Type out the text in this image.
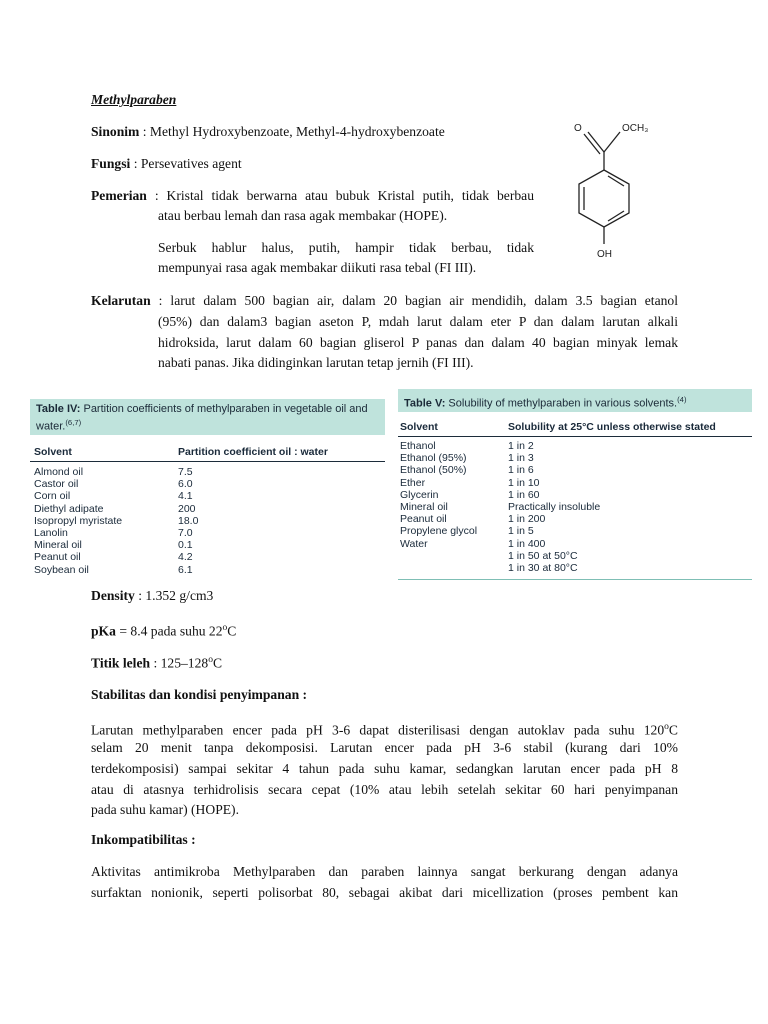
Methylparaben
Sinonim : Methyl Hydroxybenzoate, Methyl-4-hydroxybenzoate
Fungsi : Persevatives agent
Pemerian : Kristal tidak berwarna atau bubuk Kristal putih, tidak berbau
atau berbau lemah dan rasa agak membakar (HOPE).
Serbuk hablur halus, putih, hampir tidak berbau, tidak
mempunyai rasa agak membakar diikuti rasa tebal (FI III).
O	OCH₃
OH
Kelarutan : larut dalam 500 bagian air, dalam 20 bagian air mendidih, dalam 3.5 bagian etanol
(95%) dan dalam3 bagian aseton P, mdah larut dalam eter P dan dalam larutan alkali
hidroksida, larut dalam 60 bagian gliserol P panas dan dalam 40 bagian minyak lemak
nabati panas. Jika didinginkan larutan tetap jernih (FI III).
Table IV: Partition coefficients of methylparaben in vegetable oil and water.$^{(6,7)}$
Solvent	Partition coefficient oil : water
Almond oil	7.5
Castor oil	6.0
Corn oil	4.1
Diethyl adipate	200
Isopropyl myristate	18.0
Lanolin	7.0
Mineral oil	0.1
Peanut oil	4.2
Soybean oil	6.1
Table V: Solubility of methylparaben in various solvents.$^{(4)}$
Solvent	Solubility at 25°C unless otherwise stated
Ethanol	1 in 2
Ethanol (95%)	1 in 3
Ethanol (50%)	1 in 6
Ether	1 in 10
Glycerin	1 in 60
Mineral oil	Practically insoluble
Peanut oil	1 in 200
Propylene glycol	1 in 5
Water	1 in 400
1 in 50 at 50°C
1 in 30 at 80°C
Density : 1.352 g/cm3
pKa = 8.4 pada suhu 22$^o$C
Titik leleh : 125–128$^o$C
Stabilitas dan kondisi penyimpanan :
Larutan methylparaben encer pada pH 3-6 dapat disterilisasi dengan autoklav pada suhu 120$^o$C
selam 20 menit tanpa dekomposisi. Larutan encer pada pH 3-6 stabil (kurang dari 10%
terdekomposisi) sampai sekitar 4 tahun pada suhu kamar, sedangkan larutan encer pada pH 8
atau di atasnya terhidrolisis secara cepat (10% atau lebih setelah sekitar 60 hari penyimpanan
pada suhu kamar) (HOPE).
Inkompatibilitas :
Aktivitas antimikroba Methylparaben dan paraben lainnya sangat berkurang dengan adanya
surfaktan nonionik, seperti polisorbat 80, sebagai akibat dari micellization (proses pembent kan
